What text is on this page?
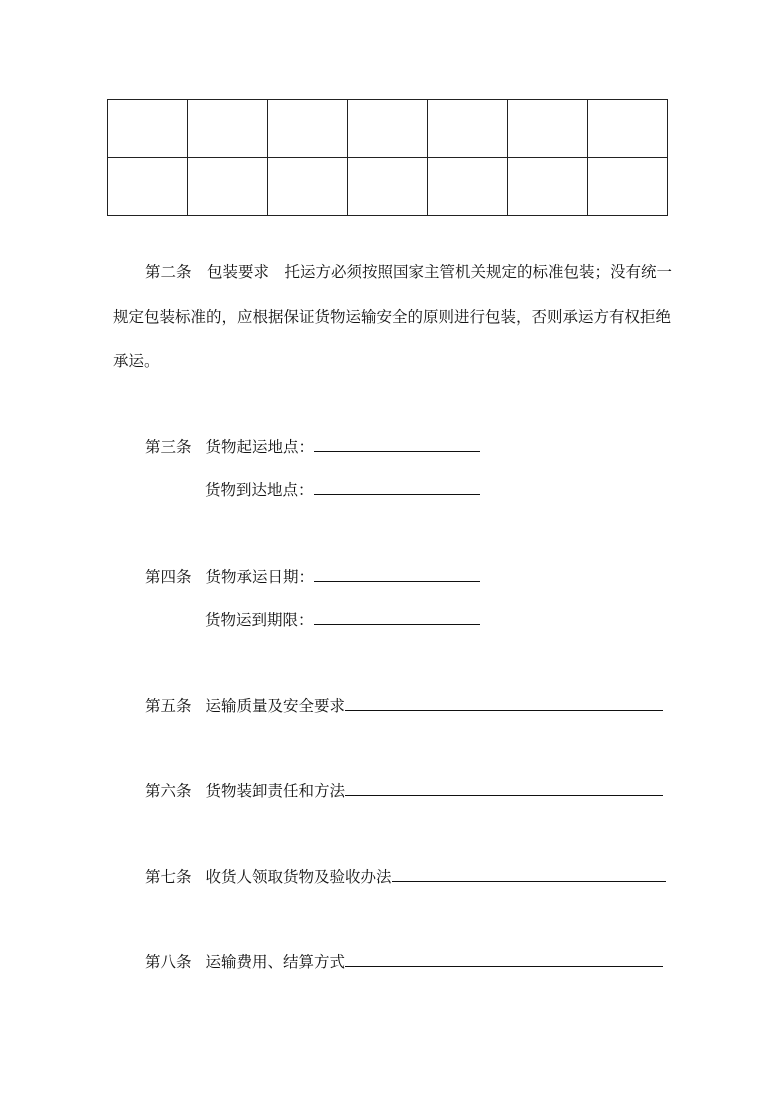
第二条　包装要求　托运方必须按照国家主管机关规定的标准包装；没有统一
规定包装标准的，应根据保证货物运输安全的原则进行包装，否则承运方有权拒绝
承运。
第三条 货物起运地点：
货物到达地点：
第四条 货物承运日期：
货物运到期限：
第五条 运输质量及安全要求
第六条 货物装卸责任和方法
第七条 收货人领取货物及验收办法
第八条 运输费用、结算方式
